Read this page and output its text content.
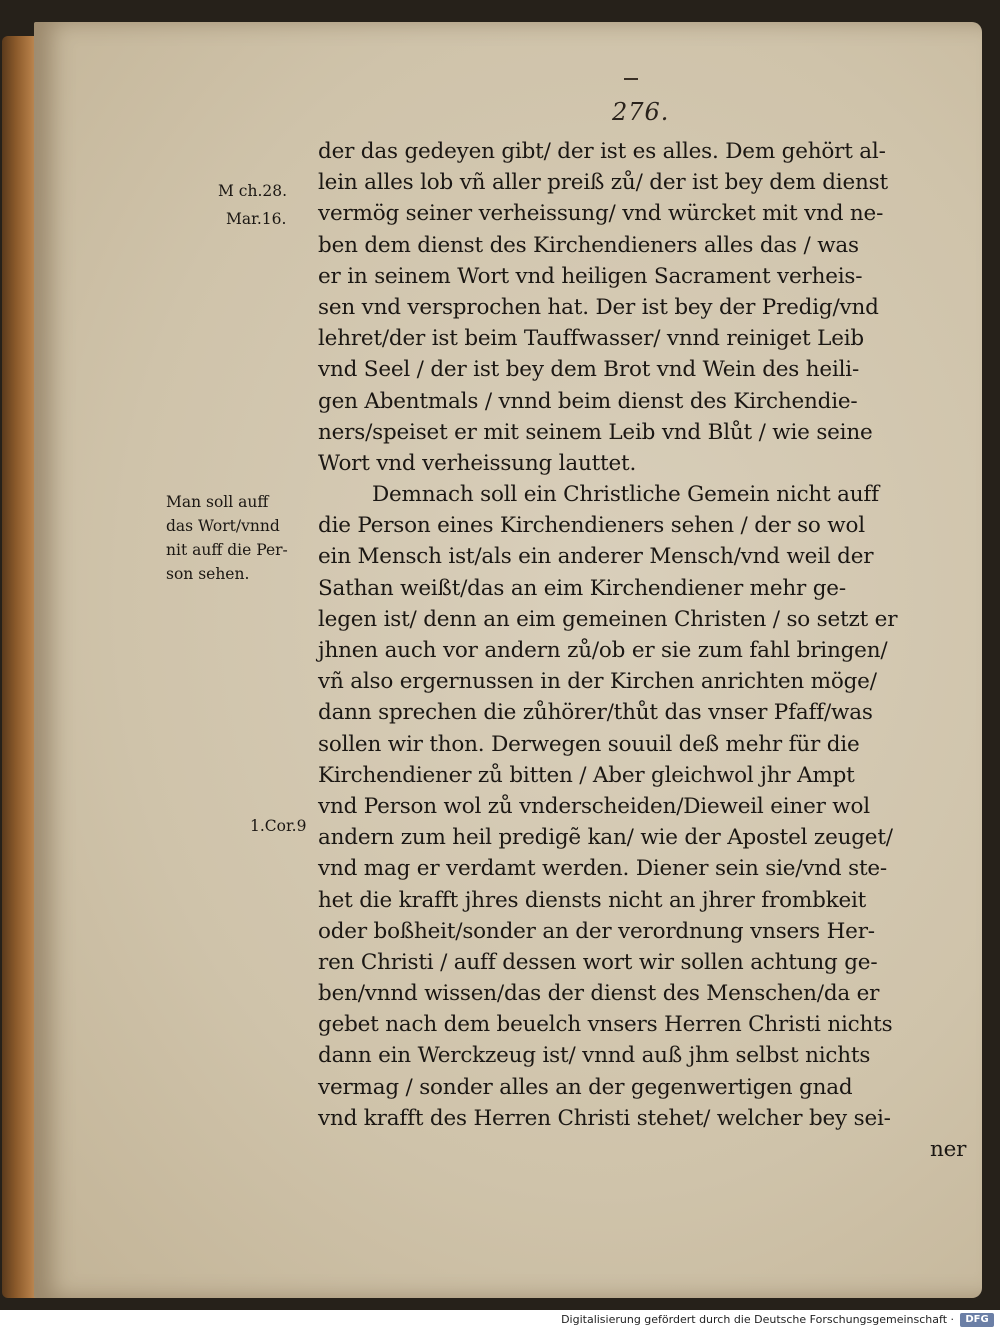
276.
M ch.28.
Mar.16.
Man soll auff
das Wort/vnnd
nit auff die Per-
son sehen.
1.Cor.9
der das gedeyen gibt/ der ist es alles. Dem gehört al-
lein alles lob vñ aller preiß zů/ der ist bey dem dienst
vermög seiner verheissung/ vnd würcket mit vnd ne-
ben dem dienst des Kirchendieners alles das / was
er in seinem Wort vnd heiligen Sacrament verheis-
sen vnd versprochen hat. Der ist bey der Predig/vnd
lehret/der ist beim Tauffwasser/ vnnd reiniget Leib
vnd Seel / der ist bey dem Brot vnd Wein des heili-
gen Abentmals / vnnd beim dienst des Kirchendie-
ners/speiset er mit seinem Leib vnd Blůt / wie seine
Wort vnd verheissung lauttet.
Demnach soll ein Christliche Gemein nicht auff
die Person eines Kirchendieners sehen / der so wol
ein Mensch ist/als ein anderer Mensch/vnd weil der
Sathan weißt/das an eim Kirchendiener mehr ge-
legen ist/ denn an eim gemeinen Christen / so setzt er
jhnen auch vor andern zů/ob er sie zum fahl bringen/
vñ also ergernussen in der Kirchen anrichten möge/
dann sprechen die zůhörer/thůt das vnser Pfaff/was
sollen wir thon. Derwegen souuil deß mehr für die
Kirchendiener zů bitten / Aber gleichwol jhr Ampt
vnd Person wol zů vnderscheiden/Dieweil einer wol
andern zum heil predigẽ kan/ wie der Apostel zeuget/
vnd mag er verdamt werden. Diener sein sie/vnd ste-
het die krafft jhres diensts nicht an jhrer frombkeit
oder boßheit/sonder an der verordnung vnsers Her-
ren Christi / auff dessen wort wir sollen achtung ge-
ben/vnnd wissen/das der dienst des Menschen/da er
gebet nach dem beuelch vnsers Herren Christi nichts
dann ein Werckzeug ist/ vnnd auß jhm selbst nichts
vermag / sonder alles an der gegenwertigen gnad
vnd krafft des Herren Christi stehet/ welcher bey sei-
ner
Digitalisierung gefördert durch die Deutsche Forschungsgemeinschaft ·	DFG
